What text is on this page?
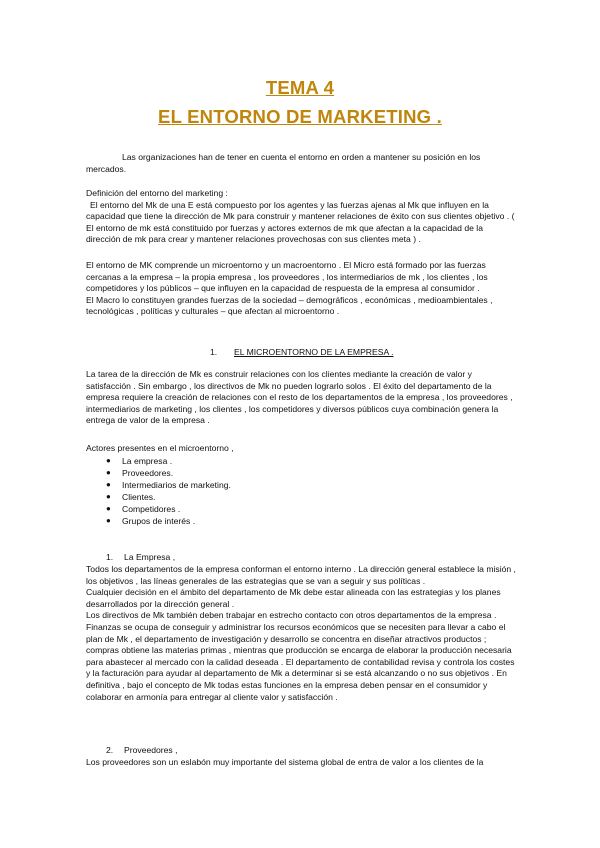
TEMA 4
EL ENTORNO DE MARKETING .

Las organizaciones han de tener en cuenta el entorno en orden a mantener su posición en los mercados.

Definición del entorno del marketing :

El entorno del Mk de una E está compuesto por los agentes y las fuerzas ajenas al Mk que influyen en la capacidad que tiene la dirección de Mk para construir y mantener relaciones de éxito con sus clientes objetivo . ( El entorno de mk está constituido por fuerzas y actores externos de mk que afectan a la capacidad de la dirección de mk para crear y mantener relaciones provechosas con sus clientes meta ) .

El entorno de MK comprende un microentorno y un macroentorno . El Micro está formado por las fuerzas cercanas a la empresa – la propia empresa , los proveedores , los intermediarios de mk , los clientes , los competidores y los públicos – que influyen en la capacidad de respuesta de la empresa al consumidor .

El Macro lo constituyen grandes fuerzas de la sociedad – demográficos , económicas , medioambientales , tecnológicas , políticas y culturales – que afectan al microentorno .

1. EL MICROENTORNO DE LA EMPRESA .

La tarea de la dirección de Mk es construir relaciones con los clientes mediante la creación de valor y satisfacción . Sin embargo , los directivos de Mk no pueden lograrlo solos . El éxito del departamento de la empresa requiere la creación de relaciones con el resto de los departamentos de la empresa , los proveedores , intermediarios de marketing , los clientes , los competidores y diversos públicos cuya combinación genera la entrega de valor de la empresa .

Actores presentes en el microentorno ,

● La empresa .
● Proveedores.
● Intermediarios de marketing.
● Clientes.
● Competidores .
● Grupos de interés .
1. La Empresa ,

Todos los departamentos de la empresa conforman el entorno interno . La dirección general establece la misión , los objetivos , las líneas generales de las estrategias que se van a seguir y sus políticas .

Cualquier decisión en el ámbito del departamento de Mk debe estar alineada con las estrategias y los planes desarrollados por la dirección general .

Los directivos de Mk también deben trabajar en estrecho contacto con otros departamentos de la empresa .

Finanzas se ocupa de conseguir y administrar los recursos económicos que se necesiten para llevar a cabo el plan de Mk , el departamento de investigación y desarrollo se concentra en diseñar atractivos productos ; compras obtiene las materias primas , mientras que producción se encarga de elaborar la producción necesaria para abastecer al mercado con la calidad deseada . El departamento de contabilidad revisa y controla los costes y la facturación para ayudar al departamento de Mk a determinar si se está alcanzando o no sus objetivos . En definitiva , bajo el concepto de Mk todas estas funciones en la empresa deben pensar en el consumidor y colaborar en armonía para entregar al cliente valor y satisfacción .

2. Proveedores ,

Los proveedores son un eslabón muy importante del sistema global de entra de valor a los clientes de la
